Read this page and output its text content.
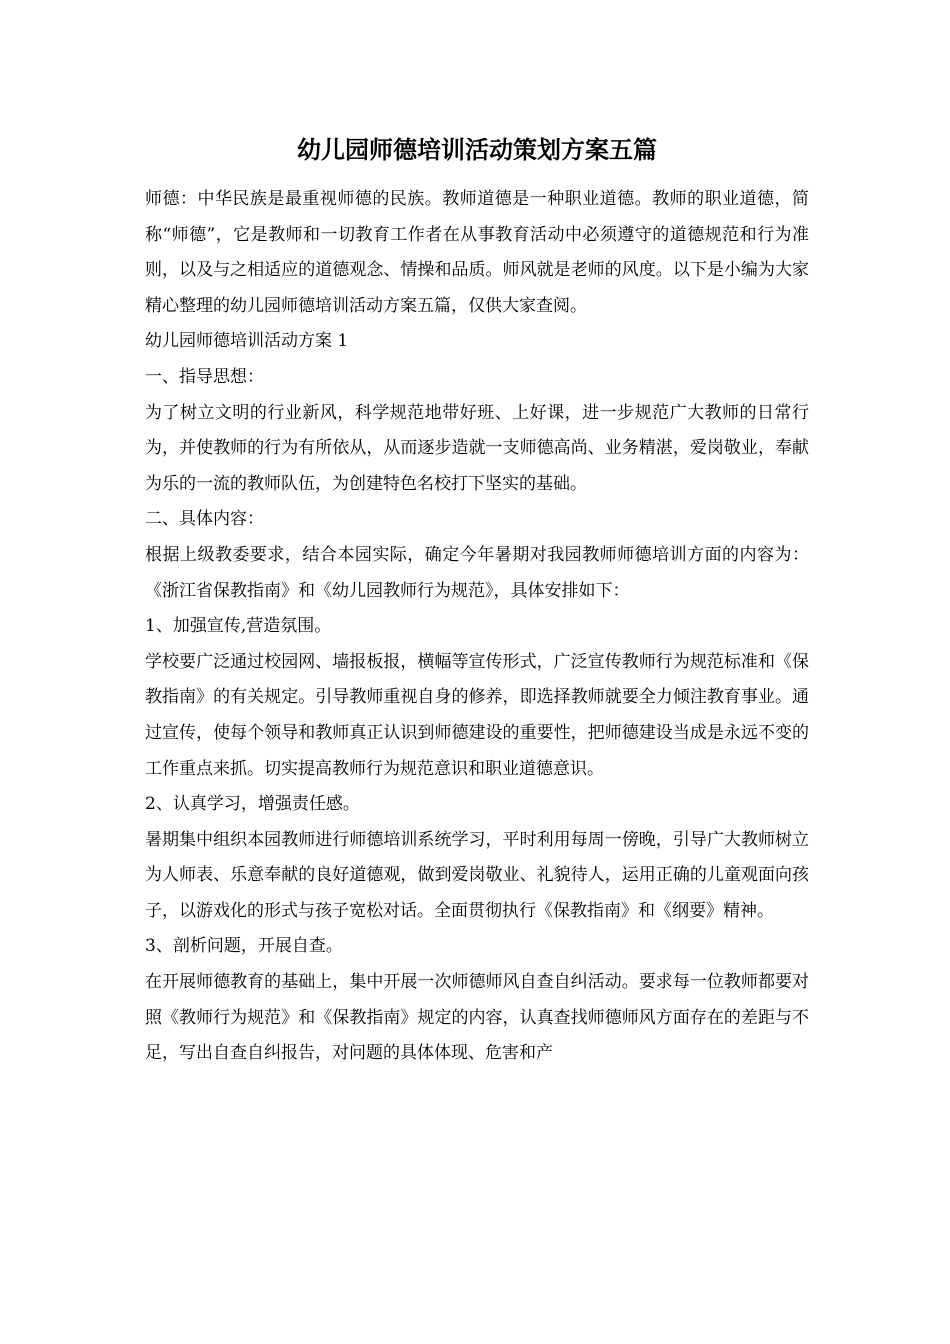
幼儿园师德培训活动策划方案五篇

师德：中华民族是最重视师德的民族。教师道德是一种职业道德。教师的职业道德，简称“师德”，它是教师和一切教育工作者在从事教育活动中必须遵守的道德规范和行为准则，以及与之相适应的道德观念、情操和品质。师风就是老师的风度。以下是小编为大家精心整理的幼儿园师德培训活动方案五篇，仅供大家查阅。

幼儿园师德培训活动方案 1

一、指导思想：

为了树立文明的行业新风，科学规范地带好班、上好课，进一步规范广大教师的日常行为，并使教师的行为有所依从，从而逐步造就一支师德高尚、业务精湛，爱岗敬业，奉献为乐的一流的教师队伍，为创建特色名校打下坚实的基础。

二、具体内容：

根据上级教委要求，结合本园实际，确定今年暑期对我园教师师德培训方面的内容为：《浙江省保教指南》和《幼儿园教师行为规范》，具体安排如下：

1、加强宣传,营造氛围。

学校要广泛通过校园网、墙报板报，横幅等宣传形式，广泛宣传教师行为规范标准和《保教指南》的有关规定。引导教师重视自身的修养，即选择教师就要全力倾注教育事业。通过宣传，使每个领导和教师真正认识到师德建设的重要性，把师德建设当成是永远不变的工作重点来抓。切实提高教师行为规范意识和职业道德意识。

2、认真学习，增强责任感。

暑期集中组织本园教师进行师德培训系统学习，平时利用每周一傍晚，引导广大教师树立为人师表、乐意奉献的良好道德观，做到爱岗敬业、礼貌待人，运用正确的儿童观面向孩子，以游戏化的形式与孩子宽松对话。全面贯彻执行《保教指南》和《纲要》精神。

3、剖析问题，开展自查。

在开展师德教育的基础上，集中开展一次师德师风自查自纠活动。要求每一位教师都要对照《教师行为规范》和《保教指南》规定的内容，认真查找师德师风方面存在的差距与不足，写出自查自纠报告，对问题的具体体现、危害和产
